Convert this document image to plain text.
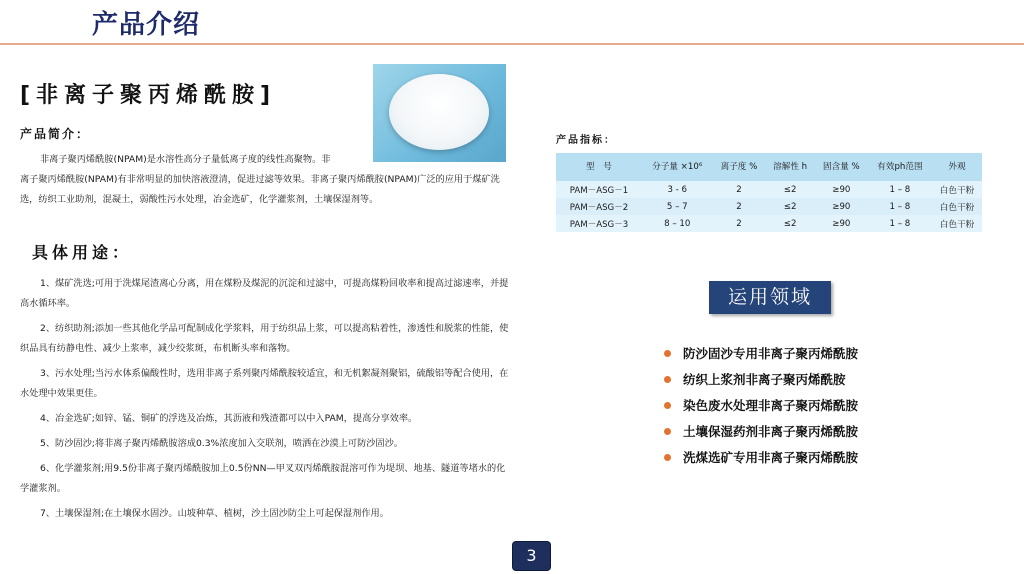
产品介绍
[非离子聚丙烯酰胺]
产品简介：

非离子聚丙烯酰胺(NPAM)是水溶性高分子量低离子度的线性高聚物。非

离子聚丙烯酰胺(NPAM)有非常明显的加快溶液澄清，促进过滤等效果。非离子聚丙烯酰胺(NPAM)广泛的应用于煤矿洗选，纺织工业助剂，混凝土，弱酸性污水处理，冶金选矿，化学灌浆剂，土壤保湿剂等。

具体用途：

1、煤矿洗选;可用于洗煤尾渣离心分离，用在煤粉及煤泥的沉淀和过滤中，可提高煤粉回收率和提高过滤速率，并提高水循环率。

2、纺织助剂;添加一些其他化学品可配制成化学浆料，用于纺织品上浆，可以提高粘着性，渗透性和脱浆的性能，使织品具有纺静电性、减少上浆率，减少绞浆斑，布机断头率和落物。

3、污水处理;当污水体系偏酸性时，选用非离子系列聚丙烯酰胺较适宜，和无机絮凝剂聚铝，硫酸铝等配合使用，在水处理中效果更佳。

4、冶金选矿;如锌、锰、铜矿的浮选及冶炼，其沥液和残渣都可以中入PAM，提高分享效率。

5、防沙固沙;将非离子聚丙烯酰胺溶成0.3%浓度加入交联剂，喷洒在沙漠上可防沙固沙。

6、化学灌浆剂;用9.5份非离子聚丙烯酰胺加上0.5份NN—甲叉双丙烯酰胺混溶可作为堤坝、地基、隧道等堵水的化学灌浆剂。

7、土壤保湿剂;在土壤保水固沙。山坡种草、植树，沙土固沙防尘上可起保湿剂作用。

产品指标：
型　号	分子量 ×10⁶	离子度 %	溶解性 h	固含量 %	有效ph范围	外观
PAM－ASG－1	3 - 6	2	≤2	≥90	1 – 8	白色干粉
PAM－ASG－2	5 – 7	2	≤2	≥90	1 – 8	白色干粉
PAM－ASG－3	8 – 10	2	≤2	≥90	1 – 8	白色干粉
运用领域
防沙固沙专用非离子聚丙烯酰胺
纺织上浆剂非离子聚丙烯酰胺
染色废水处理非离子聚丙烯酰胺
土壤保湿药剂非离子聚丙烯酰胺
洗煤选矿专用非离子聚丙烯酰胺
3
